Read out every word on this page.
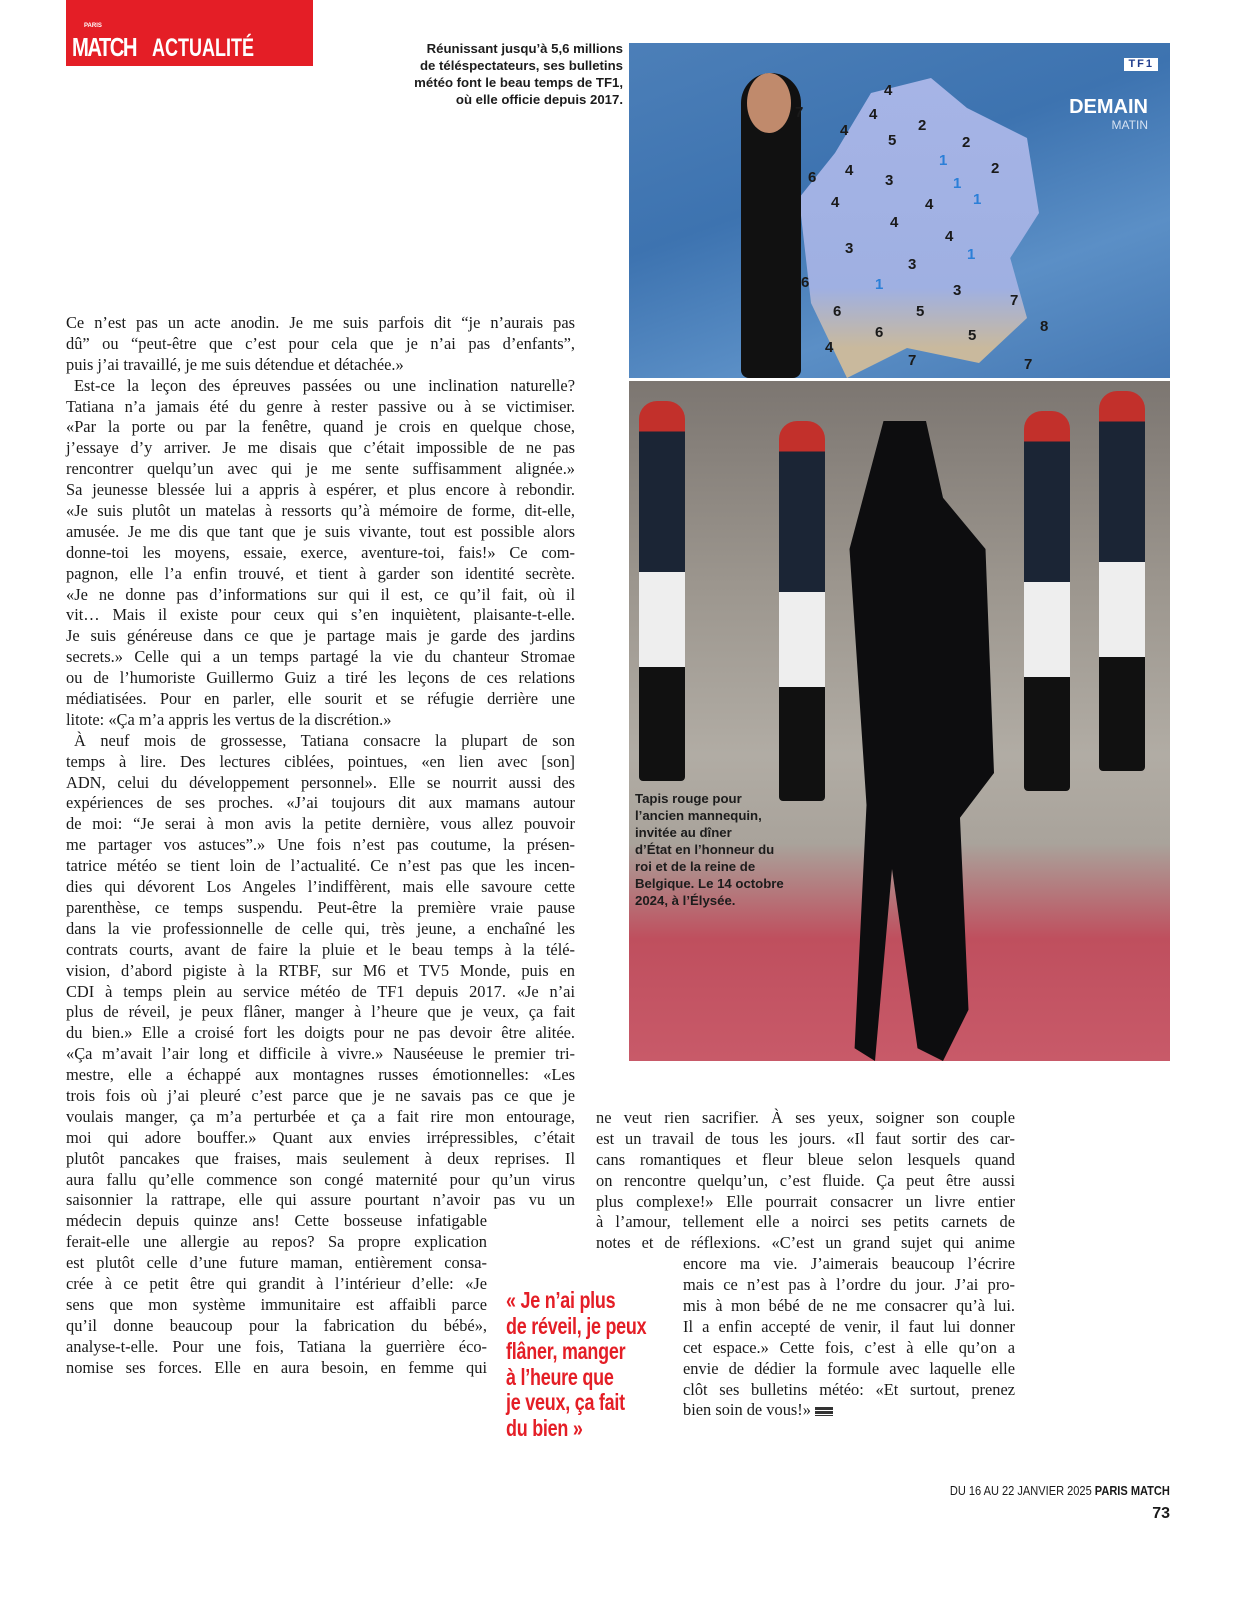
PARIS
MATCH ACTUALITÉ	Réunissant jusqu’à 5,6 millions
de téléspectateurs, ses bulletins
météo font le beau temps de TF1,
où elle officie depuis 2017.
TF1
DEMAIN
MATIN
4
4
7
4
5
2
2
2
6 4
3
4	4
4
4
3
3
6	3
7
6	5
6	5
8
4
7	7
1
1
1
1
1
Tapis rouge pour
l’ancien mannequin,
invitée au dîner
d’État en l’honneur du
roi et de la reine de
Belgique. Le 14 octobre
2024, à l’Élysée.
Ce n’est pas un acte anodin. Je me suis parfois dit “je n’aurais pas
dû” ou “peut-être que c’est pour cela que je n’ai pas d’enfants”,
puis j’ai travaillé, je me suis détendue et détachée.»
Est-ce la leçon des épreuves passées ou une inclination naturelle?
Tatiana n’a jamais été du genre à rester passive ou à se victimiser.
«Par la porte ou par la fenêtre, quand je crois en quelque chose,
j’essaye d’y arriver. Je me disais que c’était impossible de ne pas
rencontrer quelqu’un avec qui je me sente suffisamment alignée.»
Sa jeunesse blessée lui a appris à espérer, et plus encore à rebondir.
«Je suis plutôt un matelas à ressorts qu’à mémoire de forme, dit-elle,
amusée. Je me dis que tant que je suis vivante, tout est possible alors
donne-toi les moyens, essaie, exerce, aventure-toi, fais!» Ce com-
pagnon, elle l’a enfin trouvé, et tient à garder son identité secrète.
«Je ne donne pas d’informations sur qui il est, ce qu’il fait, où il
vit… Mais il existe pour ceux qui s’en inquiètent, plaisante-t-elle.
Je suis généreuse dans ce que je partage mais je garde des jardins
secrets.» Celle qui a un temps partagé la vie du chanteur Stromae
ou de l’humoriste Guillermo Guiz a tiré les leçons de ces relations
médiatisées. Pour en parler, elle sourit et se réfugie derrière une
litote: «Ça m’a appris les vertus de la discrétion.»
À neuf mois de grossesse, Tatiana consacre la plupart de son
temps à lire. Des lectures ciblées, pointues, «en lien avec [son]
ADN, celui du développement personnel». Elle se nourrit aussi des
expériences de ses proches. «J’ai toujours dit aux mamans autour
de moi: “Je serai à mon avis la petite dernière, vous allez pouvoir
me partager vos astuces”.» Une fois n’est pas coutume, la présen-
tatrice météo se tient loin de l’actualité. Ce n’est pas que les incen-
dies qui dévorent Los Angeles l’indiffèrent, mais elle savoure cette
parenthèse, ce temps suspendu. Peut-être la première vraie pause
dans la vie professionnelle de celle qui, très jeune, a enchaîné les
contrats courts, avant de faire la pluie et le beau temps à la télé-
vision, d’abord pigiste à la RTBF, sur M6 et TV5 Monde, puis en
CDI à temps plein au service météo de TF1 depuis 2017. «Je n’ai
plus de réveil, je peux flâner, manger à l’heure que je veux, ça fait
du bien.» Elle a croisé fort les doigts pour ne pas devoir être alitée.
«Ça m’avait l’air long et difficile à vivre.» Nauséeuse le premier tri-
mestre, elle a échappé aux montagnes russes émotionnelles: «Les
trois fois où j’ai pleuré c’est parce que je ne savais pas ce que je
voulais manger, ça m’a perturbée et ça a fait rire mon entourage,
moi qui adore bouffer.» Quant aux envies irrépressibles, c’était
plutôt pancakes que fraises, mais seulement à deux reprises. Il
aura fallu qu’elle commence son congé maternité pour qu’un virus
saisonnier la rattrape, elle qui assure pourtant n’avoir pas vu un
médecin depuis quinze ans! Cette bosseuse infatigable
ferait-elle une allergie au repos? Sa propre explication
est plutôt celle d’une future maman, entièrement consa-
crée à ce petit être qui grandit à l’intérieur d’elle: «Je
sens que mon système immunitaire est affaibli parce
qu’il donne beaucoup pour la fabrication du bébé»,
analyse-t-elle. Pour une fois, Tatiana la guerrière éco-
nomise ses forces. Elle en aura besoin, en femme qui
ne veut rien sacrifier. À ses yeux, soigner son couple
est un travail de tous les jours. «Il faut sortir des car-
cans romantiques et fleur bleue selon lesquels quand
on rencontre quelqu’un, c’est fluide. Ça peut être aussi
plus complexe!» Elle pourrait consacrer un livre entier
à l’amour, tellement elle a noirci ses petits carnets de
notes et de réflexions. «C’est un grand sujet qui anime
encore ma vie. J’aimerais beaucoup l’écrire
mais ce n’est pas à l’ordre du jour. J’ai pro-
mis à mon bébé de ne me consacrer qu’à lui.
Il a enfin accepté de venir, il faut lui donner
cet espace.» Cette fois, c’est à elle qu’on a
envie de dédier la formule avec laquelle elle
clôt ses bulletins météo: «Et surtout, prenez
bien soin de vous!»
« Je n’ai plus
de réveil, je peux
flâner, manger
à l’heure que
je veux, ça fait
du bien »
DU 16 AU 22 JANVIER 2025 PARIS MATCH
73
